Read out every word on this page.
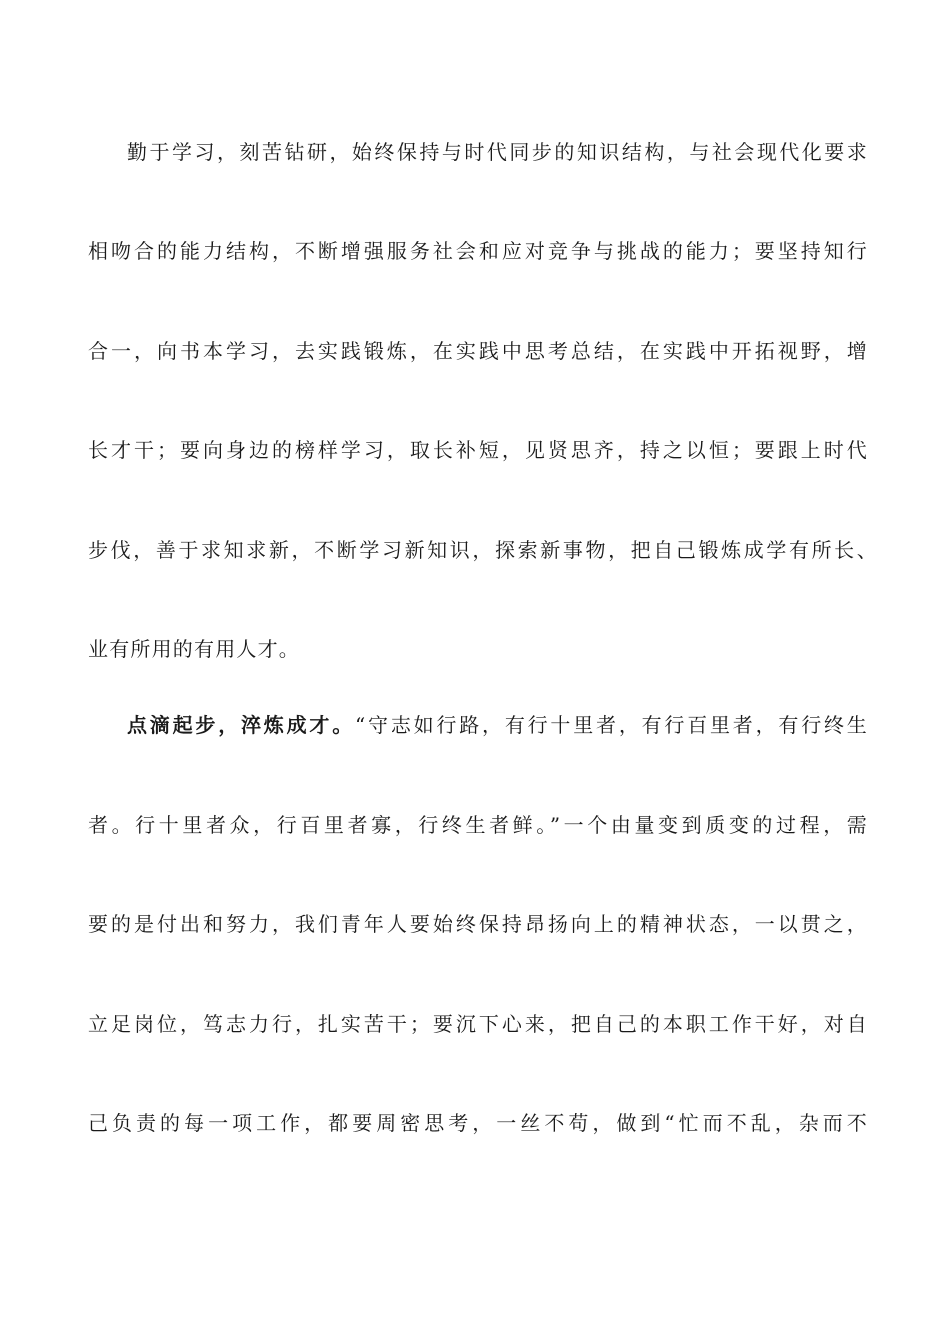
勤于学习，刻苦钻研，始终保持与时代同步的知识结构，与社会现代化要求
相吻合的能力结构，不断增强服务社会和应对竞争与挑战的能力；要坚持知行
合一，向书本学习，去实践锻炼，在实践中思考总结，在实践中开拓视野，增
长才干；要向身边的榜样学习，取长补短，见贤思齐，持之以恒；要跟上时代
步伐，善于求知求新，不断学习新知识，探索新事物，把自己锻炼成学有所长、
业有所用的有用人才。
点滴起步，淬炼成才。“守志如行路，有行十里者，有行百里者，有行终生
者。行十里者众，行百里者寡，行终生者鲜。”一个由量变到质变的过程，需
要的是付出和努力，我们青年人要始终保持昂扬向上的精神状态，一以贯之，
立足岗位，笃志力行，扎实苦干；要沉下心来，把自己的本职工作干好，对自
己负责的每一项工作，都要周密思考，一丝不苟，做到“忙而不乱，杂而不
